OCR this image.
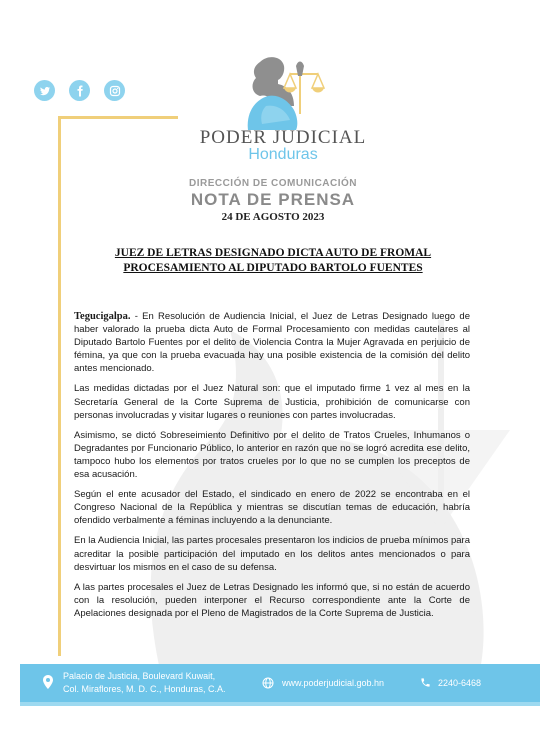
PODER JUDICIAL
Honduras
DIRECCIÓN DE COMUNICACIÓN
NOTA DE PRENSA
24 DE AGOSTO 2023
JUEZ DE LETRAS DESIGNADO DICTA AUTO DE FROMAL
PROCESAMIENTO AL DIPUTADO BARTOLO FUENTES

Tegucigalpa. - En Resolución de Audiencia Inicial, el Juez de Letras Designado luego de haber valorado la prueba dicta Auto de Formal Procesamiento con medidas cautelares al Diputado Bartolo Fuentes por el delito de Violencia Contra la Mujer Agravada en perjuicio de fémina, ya que con la prueba evacuada hay una posible existencia de la comisión del delito antes mencionado.

Las medidas dictadas por el Juez Natural son: que el imputado firme 1 vez al mes en la Secretaría General de la Corte Suprema de Justicia, prohibición de comunicarse con personas involucradas y visitar lugares o reuniones con partes involucradas.

Asimismo, se dictó Sobreseimiento Definitivo por el delito de Tratos Crueles, Inhumanos o Degradantes por Funcionario Público, lo anterior en razón que no se logró acredita ese delito, tampoco hubo los elementos por tratos crueles por lo que no se cumplen los preceptos de esa acusación.

Según el ente acusador del Estado, el sindicado en enero de 2022 se encontraba en el Congreso Nacional de la República y mientras se discutían temas de educación, habría ofendido verbalmente a féminas incluyendo a la denunciante.

En la Audiencia Inicial, las partes procesales presentaron los indicios de prueba mínimos para acreditar la posible participación del imputado en los delitos antes mencionados o para desvirtuar los mismos en el caso de su defensa.

A las partes procesales el Juez de Letras Designado les informó que, si no están de acuerdo con la resolución, pueden interponer el Recurso correspondiente ante la Corte de Apelaciones designada por el Pleno de Magistrados de la Corte Suprema de Justicia.

Palacio de Justicia, Boulevard Kuwait,
Col. Miraflores, M. D. C., Honduras, C.A.
www.poderjudicial.gob.hn	2240-6468
